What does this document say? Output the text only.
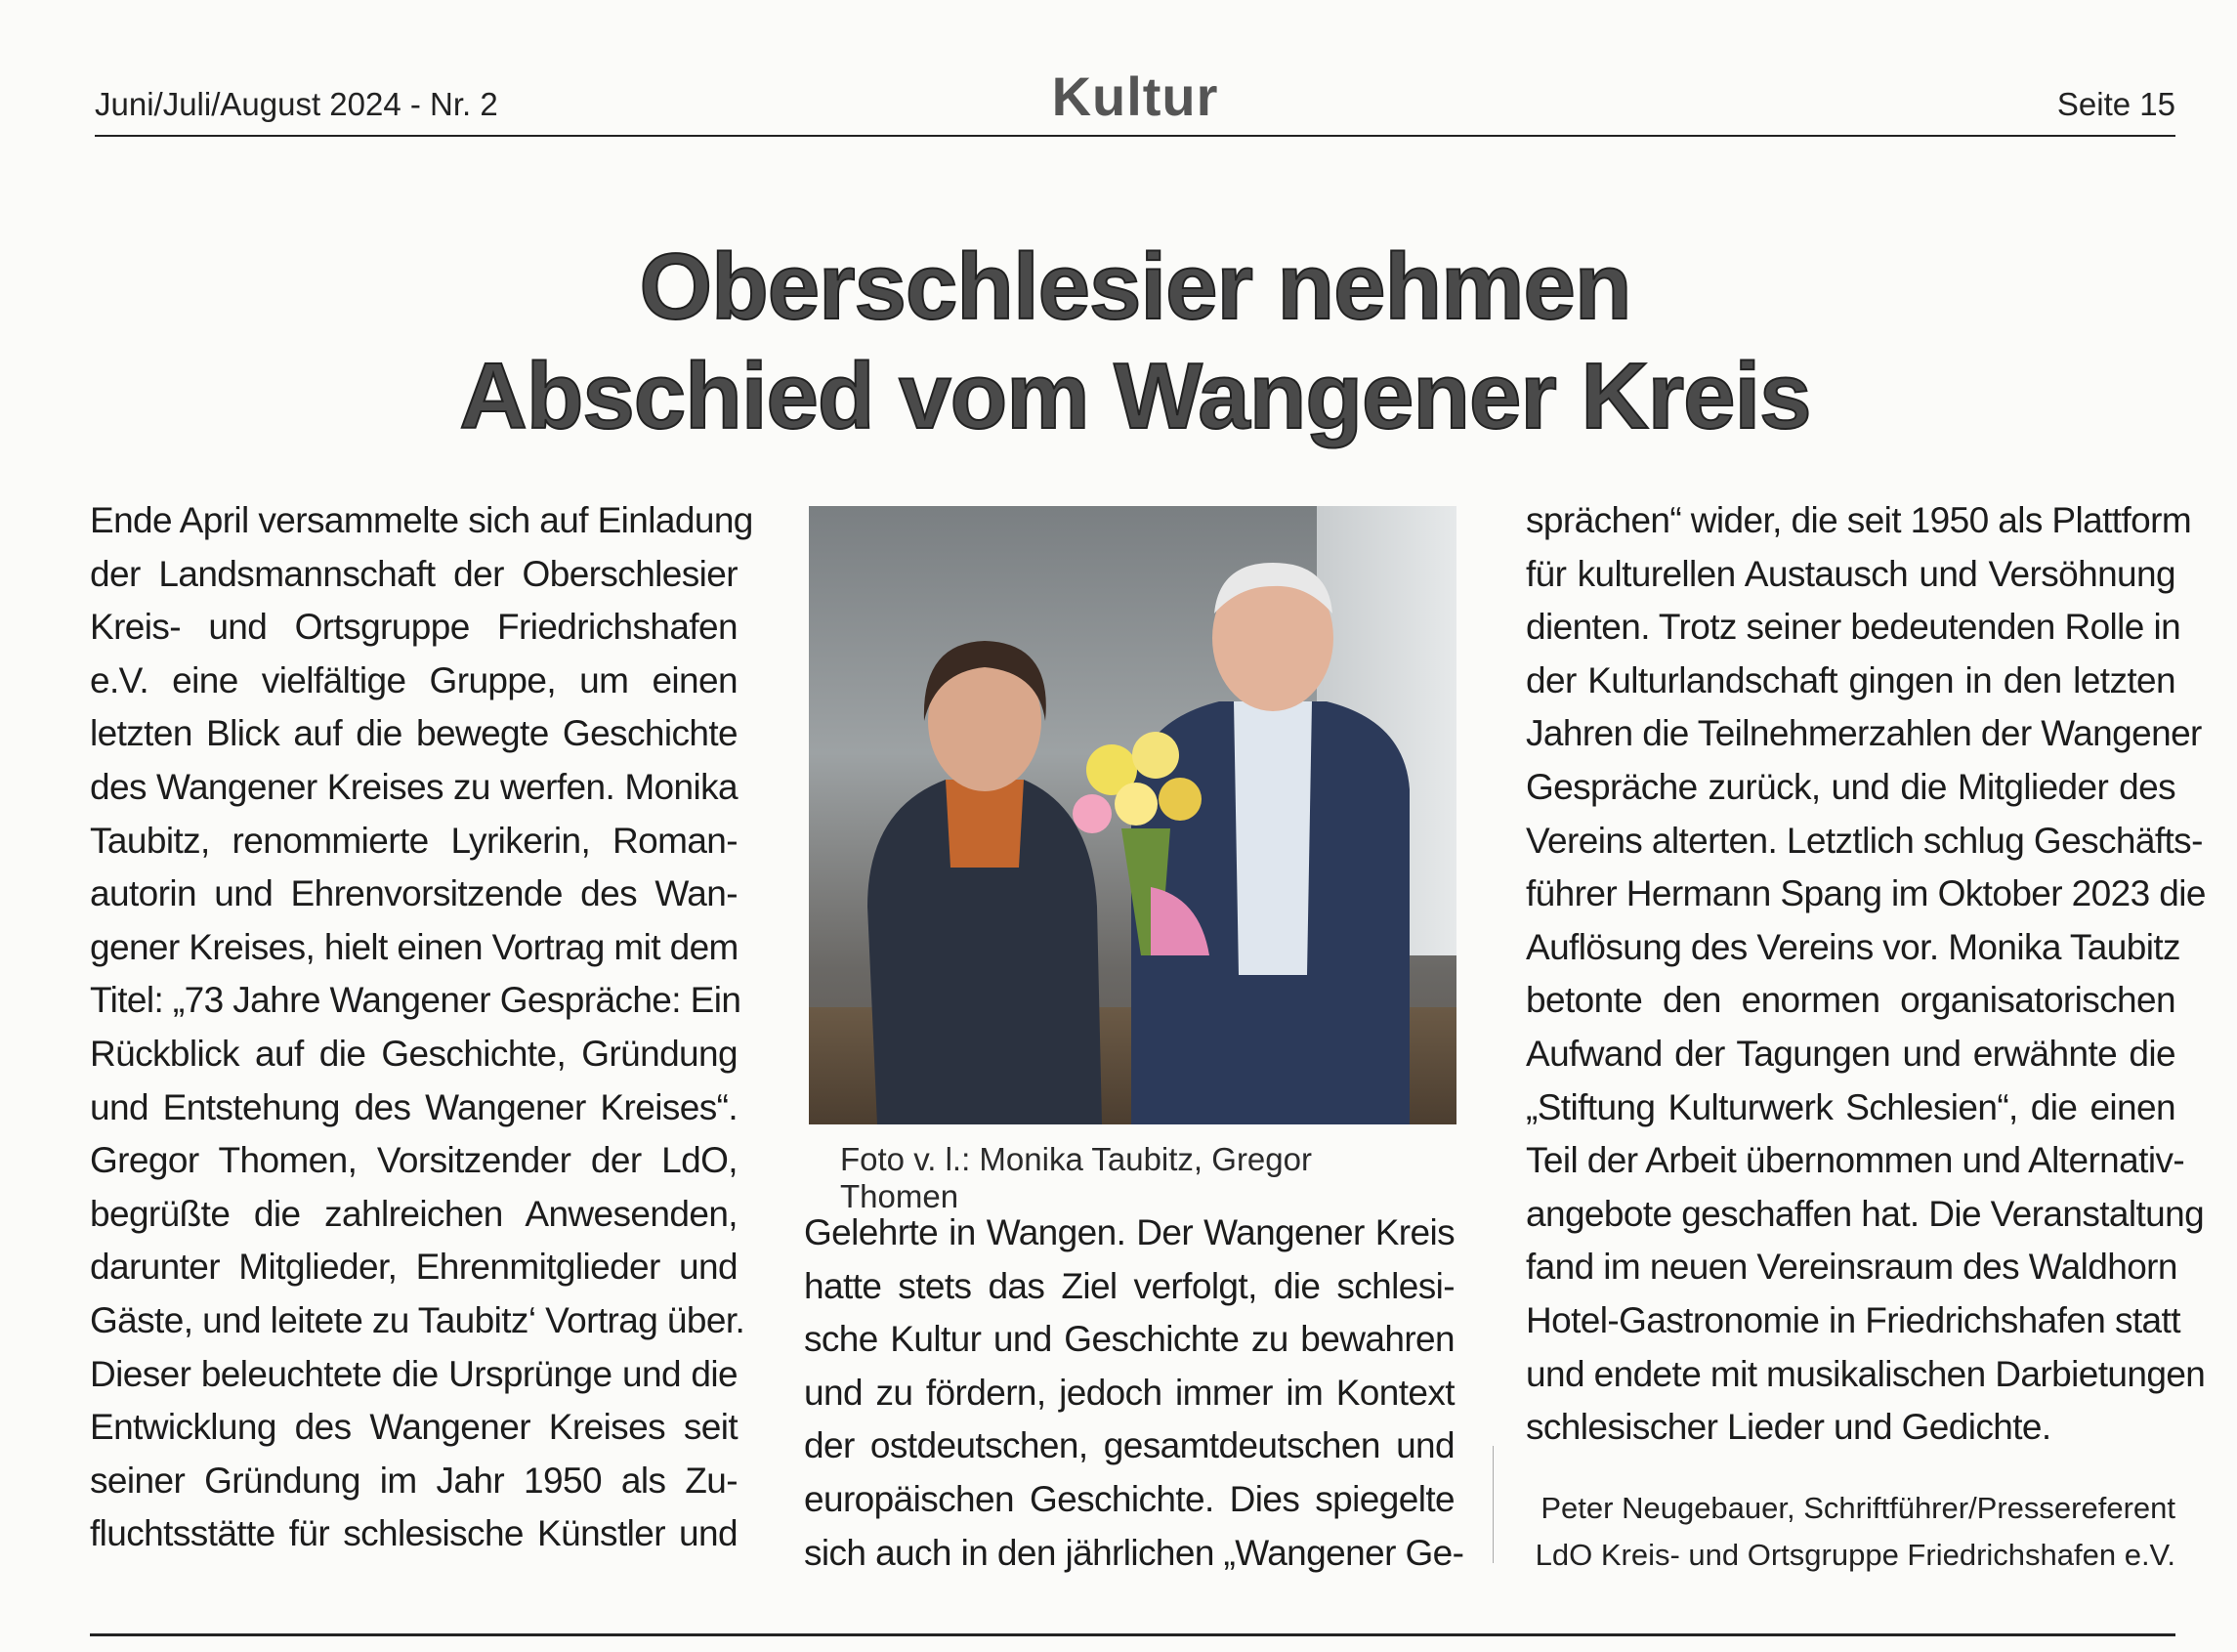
Juni/Juli/August 2024 - Nr. 2	Kultur	Seite 15
Oberschlesier nehmen
Abschied vom Wangener Kreis

Ende April versammelte sich auf Einladung

der Landsmannschaft der Oberschlesier

Kreis- und Ortsgruppe Friedrichshafen

e.V. eine vielfältige Gruppe, um einen

letzten Blick auf die bewegte Geschichte

des Wangener Kreises zu werfen. Monika

Taubitz, renommierte Lyrikerin, Roman-

autorin und Ehrenvorsitzende des Wan-

gener Kreises, hielt einen Vortrag mit dem

Titel: „73 Jahre Wangener Gespräche: Ein

Rückblick auf die Geschichte, Gründung

und Entstehung des Wangener Kreises“.

Gregor Thomen, Vorsitzender der LdO,

begrüßte die zahlreichen Anwesenden,

darunter Mitglieder, Ehrenmitglieder und

Gäste, und leitete zu Taubitz‘ Vortrag über.

Dieser beleuchtete die Ursprünge und die

Entwicklung des Wangener Kreises seit

seiner Gründung im Jahr 1950 als Zu-

fluchtsstätte für schlesische Künstler und

Foto v. l.: Monika Taubitz, Gregor Thomen

Gelehrte in Wangen. Der Wangener Kreis

hatte stets das Ziel verfolgt, die schlesi-

sche Kultur und Geschichte zu bewahren

und zu fördern, jedoch immer im Kontext

der ostdeutschen, gesamtdeutschen und

europäischen Geschichte. Dies spiegelte

sich auch in den jährlichen „Wangener Ge-

sprächen“ wider, die seit 1950 als Plattform

für kulturellen Austausch und Versöhnung

dienten. Trotz seiner bedeutenden Rolle in

der Kulturlandschaft gingen in den letzten

Jahren die Teilnehmerzahlen der Wangener

Gespräche zurück, und die Mitglieder des

Vereins alterten. Letztlich schlug Geschäfts-

führer Hermann Spang im Oktober 2023 die

Auflösung des Vereins vor. Monika Taubitz

betonte den enormen organisatorischen

Aufwand der Tagungen und erwähnte die

„Stiftung Kulturwerk Schlesien“, die einen

Teil der Arbeit übernommen und Alternativ-

angebote geschaffen hat. Die Veranstaltung

fand im neuen Vereinsraum des Waldhorn

Hotel-Gastronomie in Friedrichshafen statt

und endete mit musikalischen Darbietungen

schlesischer Lieder und Gedichte.

Peter Neugebauer, Schriftführer/Pressereferent
LdO Kreis- und Ortsgruppe Friedrichshafen e.V.
